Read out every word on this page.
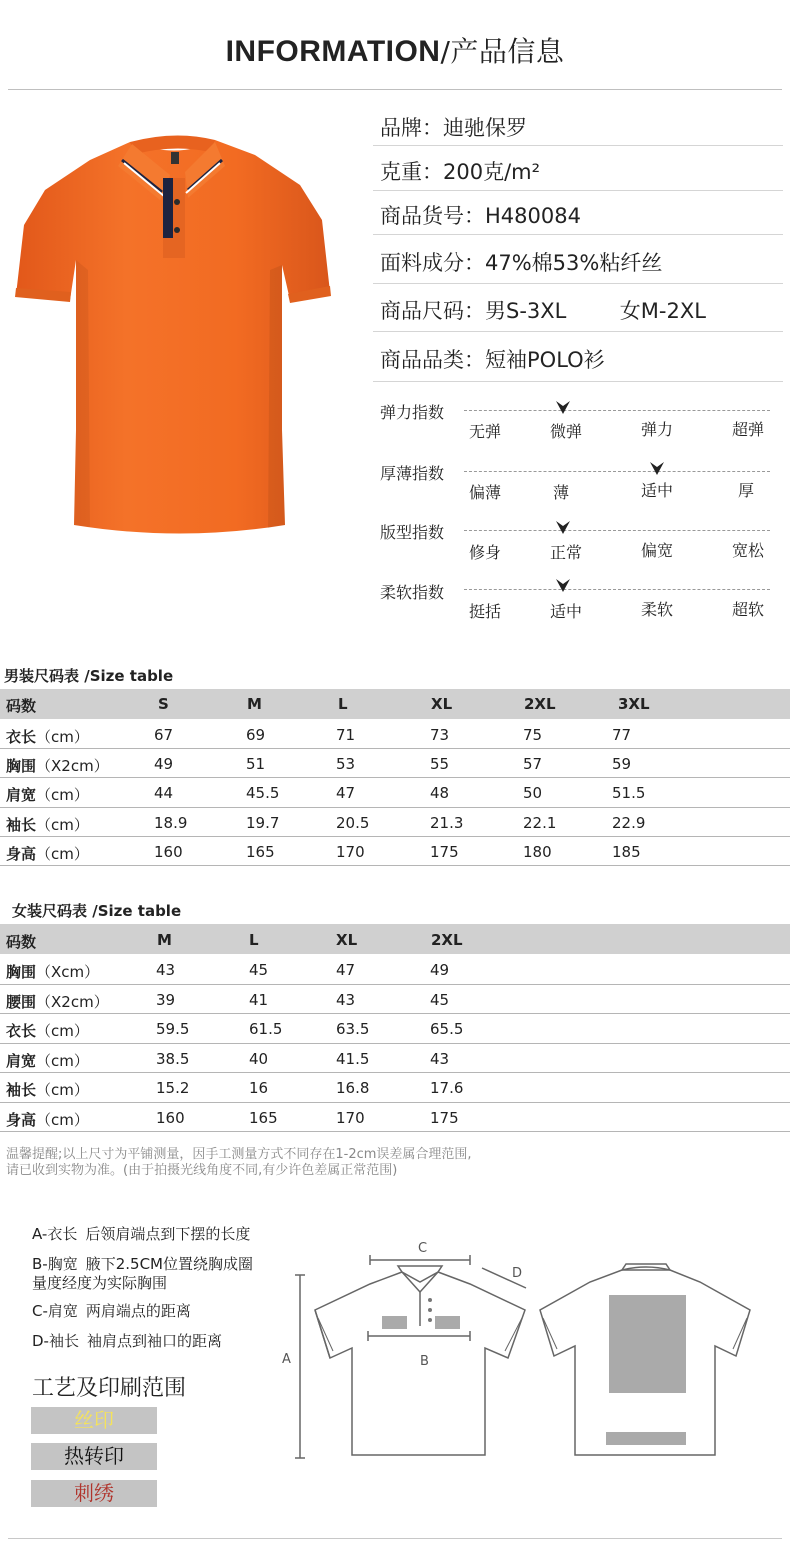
INFORMATION/产品信息
品牌：迪驰保罗
克重：200克/m²
商品货号：H480084
面料成分：47%棉53%粘纤丝
商品尺码：男S-3XL        女M-2XL
商品品类：短袖POLO衫
弹力指数
无弹	微弹	弹力	超弹
厚薄指数
偏薄	薄	适中	厚
版型指数
修身	正常	偏宽	宽松
柔软指数
挺括	适中	柔软	超软
男装尺码表 /Size table
码数	S	M	L	XL	2XL	3XL
衣长（cm）	67	69	71	73	75	77
胸围（X2cm）	49	51	53	55	57	59
肩宽（cm）	44	45.5	47	48	50	51.5
袖长（cm）	18.9	19.7	20.5	21.3	22.1	22.9
身高（cm）	160	165	170	175	180	185
女装尺码表 /Size table
码数	M	L	XL	2XL
胸围（Xcm）	43	45	47	49
腰围（X2cm）	39	41	43	45
衣长（cm）	59.5	61.5	63.5	65.5
肩宽（cm）	38.5	40	41.5	43
袖长（cm）	15.2	16	16.8	17.6
身高（cm）	160	165	170	175
温馨提醒;以上尺寸为平铺测量，因手工测量方式不同存在1-2cm误差属合理范围,
请已收到实物为准。(由于拍摄光线角度不同,有少许色差属正常范围)
A-衣长 后领肩端点到下摆的长度
B-胸宽 腋下2.5CM位置绕胸成圈
量度经度为实际胸围
C-肩宽 两肩端点的距离
D-袖长 袖肩点到袖口的距离
A	B
C
D
工艺及印刷范围
丝印
热转印
刺绣
